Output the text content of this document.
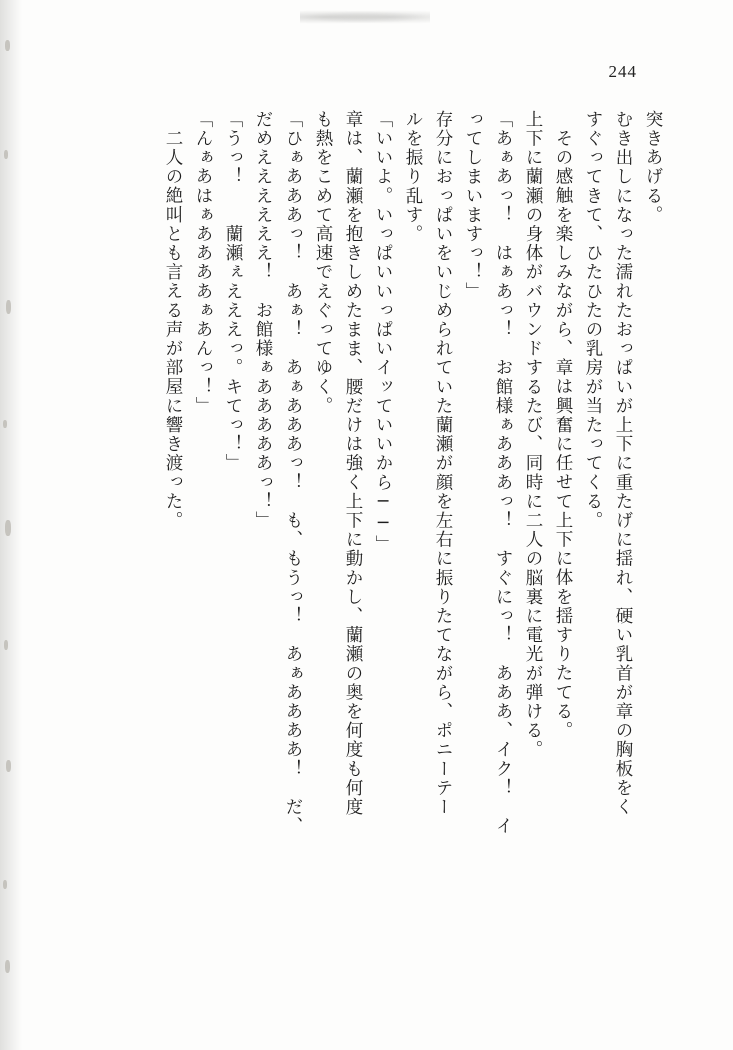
244
突きあげる。
むき出しになった濡れたおっぱいが上下に重たげに揺れ、硬い乳首が章の胸板をく
すぐってきて、ひたひたの乳房が当たってくる。
その感触を楽しみながら、章は興奮に任せて上下に体を揺すりたてる。
上下に蘭瀬の身体がバウンドするたび、同時に二人の脳裏に電光が弾ける。
「あぁあっ！　はぁあっ！　お館様ぁあああっ！　すぐにっ！　あああ、イク！　イ
ってしまいますっ！」
存分におっぱいをいじめられていた蘭瀬が顔を左右に振りたてながら、ポニーテー
ルを振り乱す。
「いいよ。いっぱいいっぱいイッていいから──」
章は、蘭瀬を抱きしめたまま、腰だけは強く上下に動かし、蘭瀬の奥を何度も何度
も熱をこめて高速でえぐってゆく。
「ひぁあああっ！　あぁ！　あぁあああっ！　も、もうっ！　あぁああああ！　だ、
だめええええええ！　お館様ぁあああああっ！」
「うっ！　　蘭瀬ぇえええっ。キてっ！」
「んぁあはぁああああぁあんっ！」
二人の絶叫とも言える声が部屋に響き渡った。
